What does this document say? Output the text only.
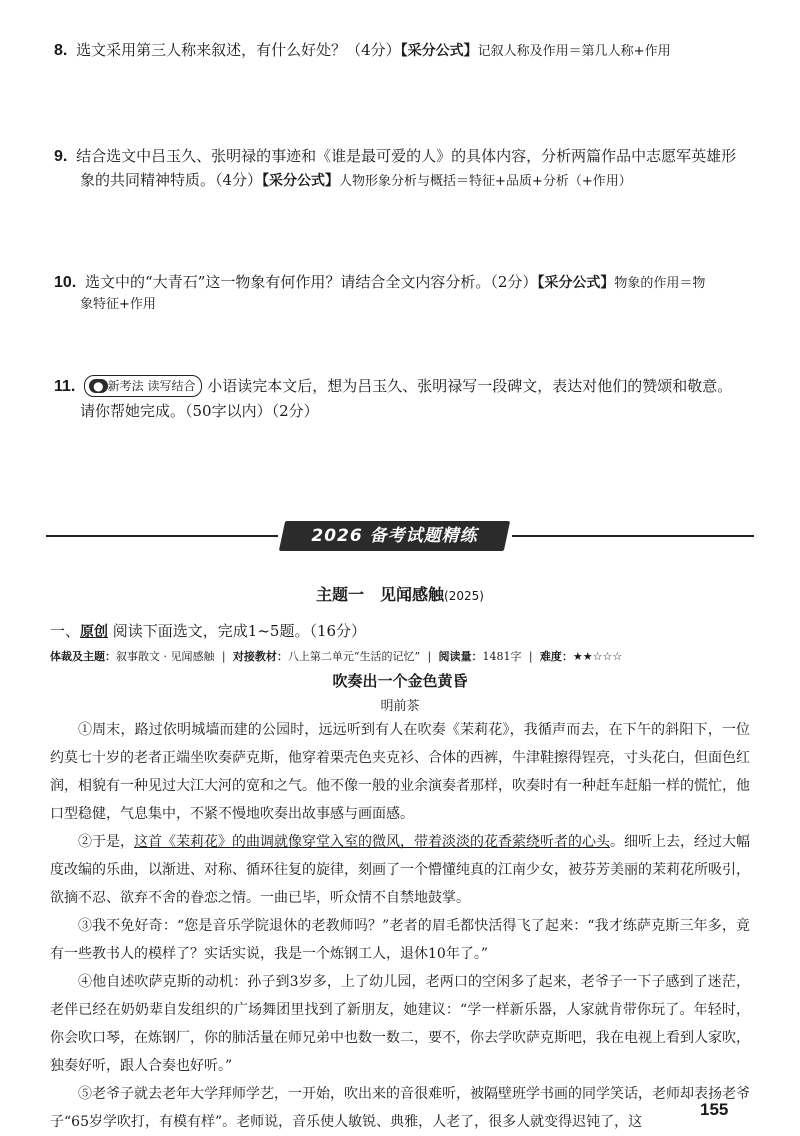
8. 选文采用第三人称来叙述，有什么好处？（4分）【采分公式】记叙人称及作用＝第几人称+作用
9. 结合选文中吕玉久、张明禄的事迹和《谁是最可爱的人》的具体内容，分析两篇作品中志愿军英雄形
象的共同精神特质。（4分）【采分公式】人物形象分析与概括＝特征+品质+分析（+作用）
10. 选文中的“大青石”这一物象有何作用？请结合全文内容分析。（2分）【采分公式】物象的作用＝物
象特征+作用
11. ● 新考法 读写结合 小语读完本文后，想为吕玉久、张明禄写一段碑文，表达对他们的赞颂和敬意。
请你帮她完成。（50字以内）（2分）
2026 备考试题精练
主题一　见闻感触(2025)
一、原创 阅读下面选文，完成1~5题。（16分）
体裁及主题：叙事散文 · 见闻感触  |  对接教材：八上第二单元“生活的记忆”  |  阅读量：1481字  |  难度：★★☆☆☆
吹奏出一个金色黄昏
明前茶

①周末，路过依明城墙而建的公园时，远远听到有人在吹奏《茉莉花》，我循声而去，在下午的斜阳下，一位约莫七十岁的老者正端坐吹奏萨克斯，他穿着栗壳色夹克衫、合体的西裤，牛津鞋擦得锃亮，寸头花白，但面色红润，相貌有一种见过大江大河的宽和之气。他不像一般的业余演奏者那样，吹奏时有一种赶车赶船一样的慌忙，他口型稳健，气息集中，不紧不慢地吹奏出故事感与画面感。

②于是，这首《茉莉花》的曲调就像穿堂入室的微风，带着淡淡的花香萦绕听者的心头。细听上去，经过大幅度改编的乐曲，以渐进、对称、循环往复的旋律，刻画了一个懵懂纯真的江南少女，被芬芳美丽的茉莉花所吸引，欲摘不忍、欲弃不舍的眷恋之情。一曲已毕，听众情不自禁地鼓掌。

③我不免好奇：“您是音乐学院退休的老教师吗？”老者的眉毛都快活得飞了起来：“我才练萨克斯三年多，竟有一些教书人的模样了？实话实说，我是一个炼钢工人，退休10年了。”

④他自述吹萨克斯的动机：孙子到3岁多，上了幼儿园，老两口的空闲多了起来，老爷子一下子感到了迷茫，老伴已经在奶奶辈自发组织的广场舞团里找到了新朋友，她建议：“学一样新乐器，人家就肯带你玩了。年轻时，你会吹口琴，在炼钢厂，你的肺活量在师兄弟中也数一数二，要不，你去学吹萨克斯吧，我在电视上看到人家吹，独奏好听，跟人合奏也好听。”

⑤老爷子就去老年大学拜师学艺，一开始，吹出来的音很难听，被隔壁班学书画的同学笑话，老师却表扬老爷子“65岁学吹打，有模有样”。老师说，音乐使人敏锐、典雅，人老了，很多人就变得迟钝了，这

155
